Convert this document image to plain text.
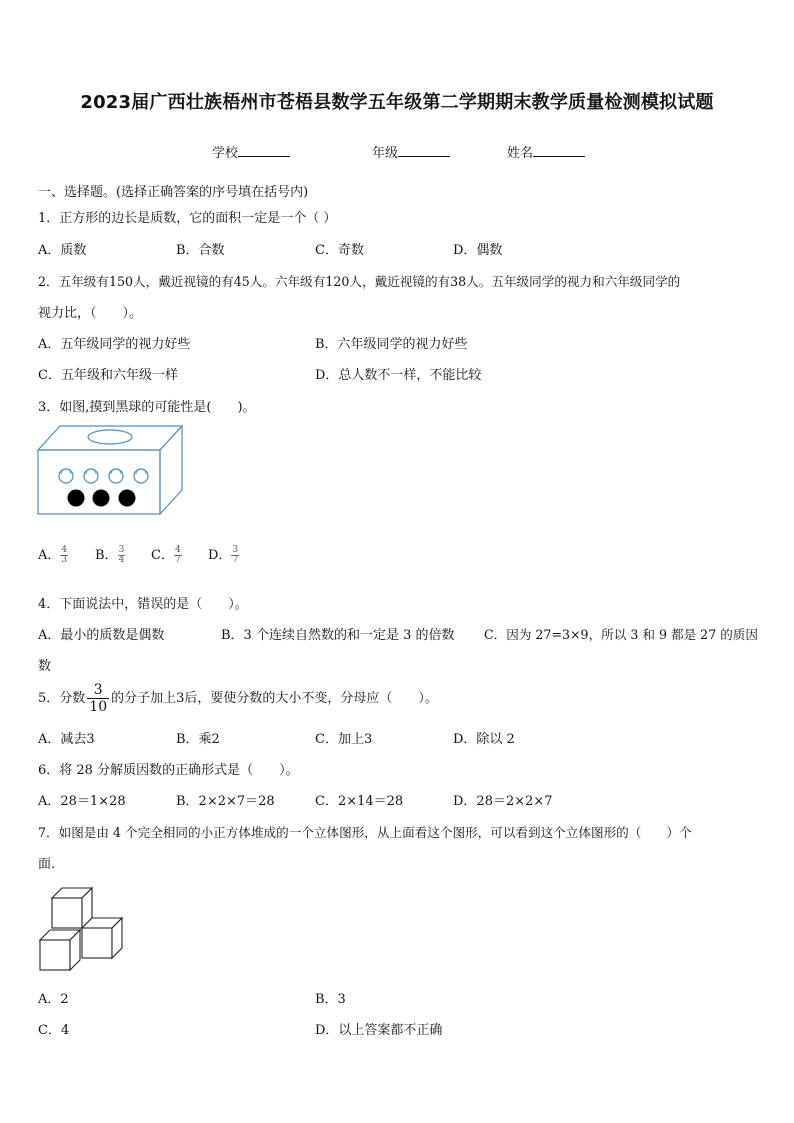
2023届广西壮族梧州市苍梧县数学五年级第二学期期末教学质量检测模拟试题
学校	年级	姓名
一、选择题。(选择正确答案的序号填在括号内)
1．正方形的边长是质数，它的面积一定是一个（ ）
A．质数	B．合数	C．奇数	D．偶数
2．五年级有150人，戴近视镜的有45人。六年级有120人，戴近视镜的有38人。五年级同学的视力和六年级同学的
视力比，（　　）。
A．五年级同学的视力好些	B．六年级同学的视力好些
C．五年级和六年级一样	D．总人数不一样，不能比较
3．如图,摸到黑球的可能性是(　　)。
A． $\frac{4}{3}$ B． $\frac{3}{4}$ C． $\frac{4}{7}$ D． $\frac{3}{7}$
4．下面说法中，错误的是（　　）。
A．最小的质数是偶数	B．3 个连续自然数的和一定是 3 的倍数 C．因为 27=3×9，所以 3 和 9 都是 27 的质因
数
5．分数 $\frac{3}{10}$ 的分子加上3后，要使分数的大小不变，分母应（　　）。
A．减去3	B．乘2	C．加上3	D．除以 2
6．将 28 分解质因数的正确形式是（　　）。
A．28＝1×28	B．2×2×7＝28	C．2×14＝28	D．28＝2×2×7
7．如图是由 4 个完全相同的小正方体堆成的一个立体图形，从上面看这个图形，可以看到这个立体图形的（　　）个
面.
A．2	B．3
C．4	D．以上答案都不正确
